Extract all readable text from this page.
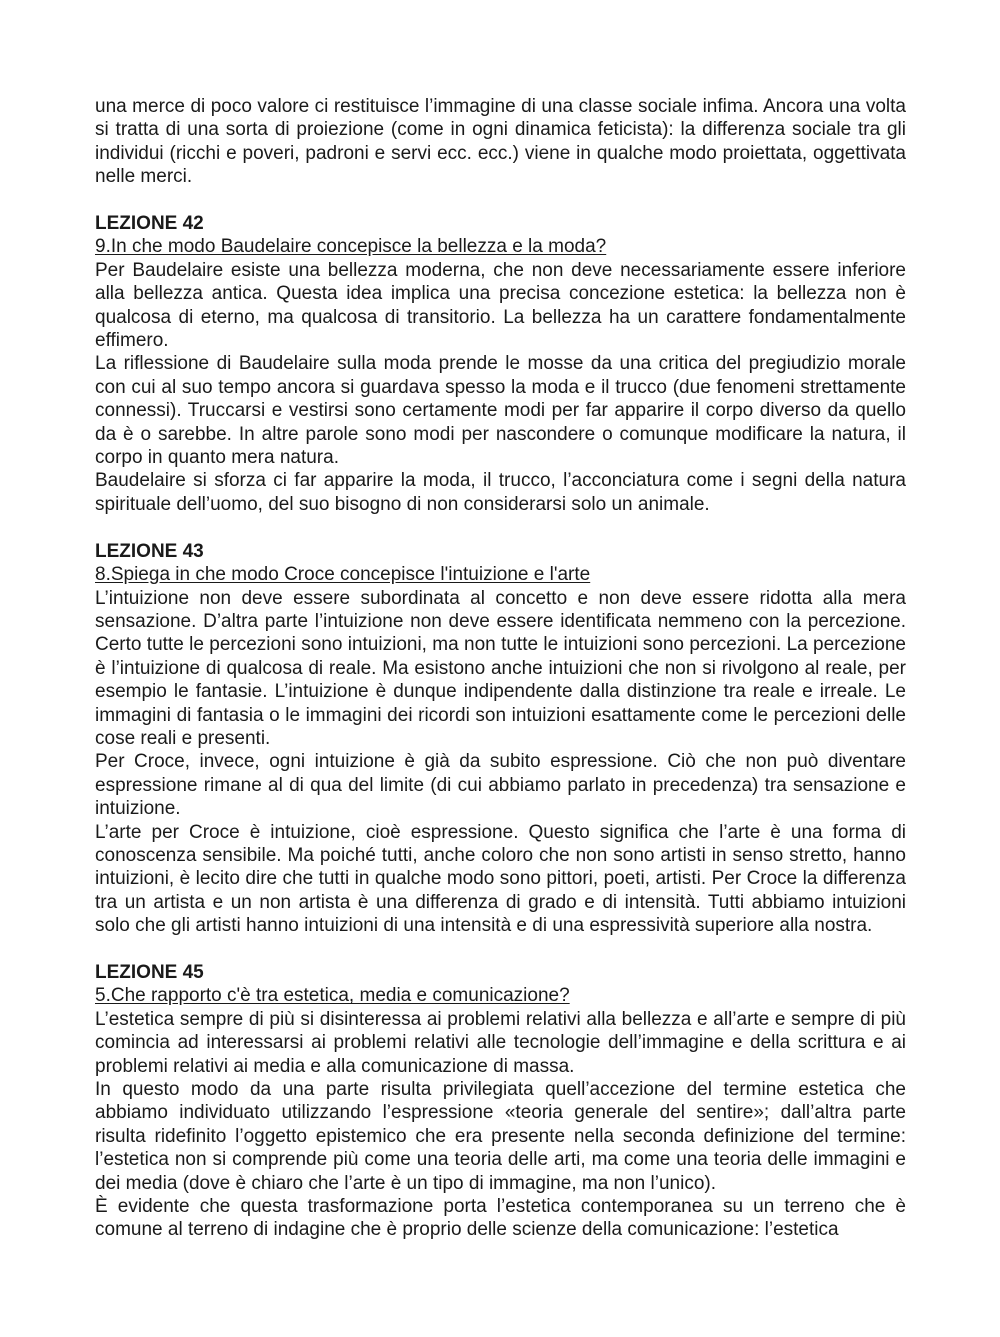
una merce di poco valore ci restituisce l’immagine di una classe sociale infima. Ancora una volta si tratta di una sorta di proiezione (come in ogni dinamica feticista): la differenza sociale tra gli individui (ricchi e poveri, padroni e servi ecc. ecc.) viene in qualche modo proiettata, oggettivata nelle merci.

LEZIONE 42

9.In che modo Baudelaire concepisce la bellezza e la moda?

Per Baudelaire esiste una bellezza moderna, che non deve necessariamente essere inferiore alla bellezza antica. Questa idea implica una precisa concezione estetica: la bellezza non è qualcosa di eterno, ma qualcosa di transitorio. La bellezza ha un carattere fondamentalmente effimero.

La riflessione di Baudelaire sulla moda prende le mosse da una critica del pregiudizio morale con cui al suo tempo ancora si guardava spesso la moda e il trucco (due fenomeni strettamente connessi). Truccarsi e vestirsi sono certamente modi per far apparire il corpo diverso da quello da è o sarebbe. In altre parole sono modi per nascondere o comunque modificare la natura, il corpo in quanto mera natura.

Baudelaire si sforza ci far apparire la moda, il trucco, l’acconciatura come i segni della natura spirituale dell’uomo, del suo bisogno di non considerarsi solo un animale.

LEZIONE 43

8.Spiega in che modo Croce concepisce l'intuizione e l'arte

L’intuizione non deve essere subordinata al concetto e non deve essere ridotta alla mera sensazione. D’altra parte l’intuizione non deve essere identificata nemmeno con la percezione. Certo tutte le percezioni sono intuizioni, ma non tutte le intuizioni sono percezioni. La percezione è l’intuizione di qualcosa di reale. Ma esistono anche intuizioni che non si rivolgono al reale, per esempio le fantasie. L’intuizione è dunque indipendente dalla distinzione tra reale e irreale. Le immagini di fantasia o le immagini dei ricordi son intuizioni esattamente come le percezioni delle cose reali e presenti.

Per Croce, invece, ogni intuizione è già da subito espressione. Ciò che non può diventare espressione rimane al di qua del limite (di cui abbiamo parlato in precedenza) tra sensazione e intuizione.

L’arte per Croce è intuizione, cioè espressione. Questo significa che l’arte è una forma di conoscenza sensibile. Ma poiché tutti, anche coloro che non sono artisti in senso stretto, hanno intuizioni, è lecito dire che tutti in qualche modo sono pittori, poeti, artisti. Per Croce la differenza tra un artista e un non artista è una differenza di grado e di intensità. Tutti abbiamo intuizioni solo che gli artisti hanno intuizioni di una intensità e di una espressività superiore alla nostra.

LEZIONE 45

5.Che rapporto c'è tra estetica, media e comunicazione?

L’estetica sempre di più si disinteressa ai problemi relativi alla bellezza e all’arte e sempre di più comincia ad interessarsi ai problemi relativi alle tecnologie dell’immagine e della scrittura e ai problemi relativi ai media e alla comunicazione di massa.

In questo modo da una parte risulta privilegiata quell’accezione del termine estetica che abbiamo individuato utilizzando l’espressione «teoria generale del sentire»; dall’altra parte risulta ridefinito l’oggetto epistemico che era presente nella seconda definizione del termine: l’estetica non si comprende più come una teoria delle arti, ma come una teoria delle immagini e dei media (dove è chiaro che l’arte è un tipo di immagine, ma non l’unico).

È evidente che questa trasformazione porta l’estetica contemporanea su un terreno che è comune al terreno di indagine che è proprio delle scienze della comunicazione: l’estetica
